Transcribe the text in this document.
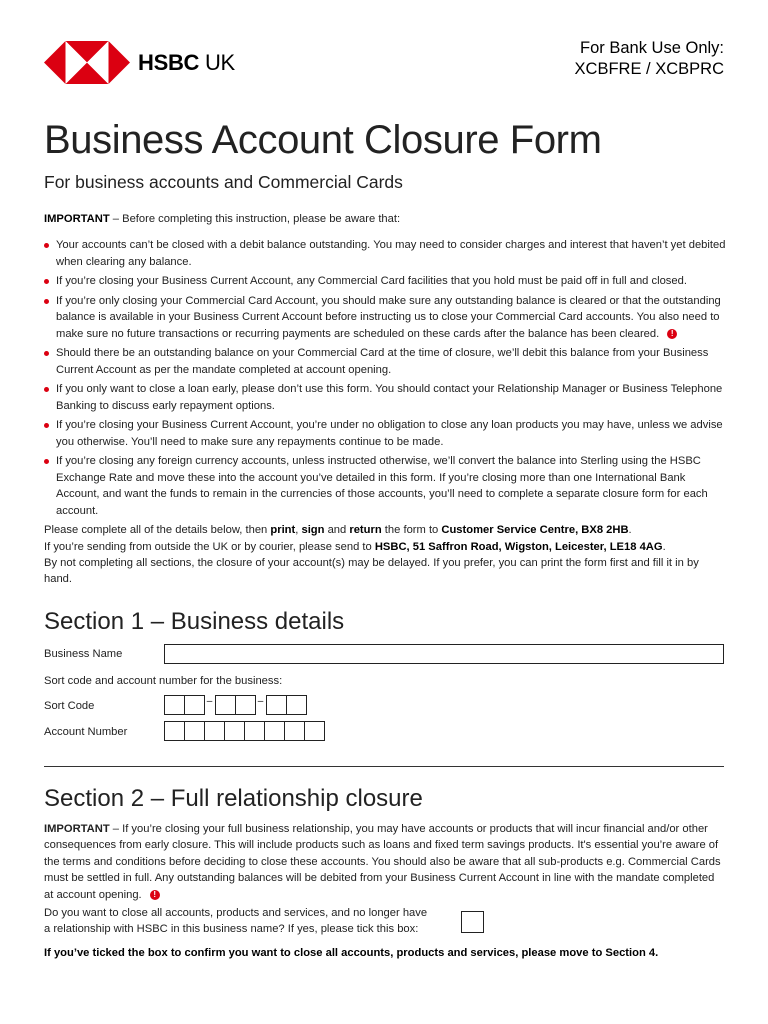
HSBC UK
For Bank Use Only:
XCBFRE / XCBPRC
Business Account Closure Form
For business accounts and Commercial Cards
IMPORTANT – Before completing this instruction, please be aware that:
Your accounts can’t be closed with a debit balance outstanding. You may need to consider charges and interest that haven’t yet debited when clearing any balance.
If you’re closing your Business Current Account, any Commercial Card facilities that you hold must be paid off in full and closed.
If you’re only closing your Commercial Card Account, you should make sure any outstanding balance is cleared or that the outstanding balance is available in your Business Current Account before instructing us to close your Commercial Card accounts. You also need to make sure no future transactions or recurring payments are scheduled on these cards after the balance has been cleared. !
Should there be an outstanding balance on your Commercial Card at the time of closure, we’ll debit this balance from your Business Current Account as per the mandate completed at account opening.
If you only want to close a loan early, please don’t use this form. You should contact your Relationship Manager or Business Telephone Banking to discuss early repayment options.
If you’re closing your Business Current Account, you’re under no obligation to close any loan products you may have, unless we advise you otherwise. You’ll need to make sure any repayments continue to be made.
If you’re closing any foreign currency accounts, unless instructed otherwise, we’ll convert the balance into Sterling using the HSBC Exchange Rate and move these into the account you’ve detailed in this form. If you’re closing more than one International Bank Account, and want the funds to remain in the currencies of those accounts, you’ll need to complete a separate closure form for each account.
Please complete all of the details below, then print, sign and return the form to Customer Service Centre, BX8 2HB.
If you’re sending from outside the UK or by courier, please send to HSBC, 51 Saffron Road, Wigston, Leicester, LE18 4AG.
By not completing all sections, the closure of your account(s) may be delayed. If you prefer, you can print the form first and fill it in by hand.
Section 1 – Business details
Business Name
Sort code and account number for the business:
Sort Code	–	–
Account Number
Section 2 – Full relationship closure
IMPORTANT – If you’re closing your full business relationship, you may have accounts or products that will incur financial and/or other consequences from early closure. This will include products such as loans and fixed term savings products. It's essential you’re aware of the terms and conditions before deciding to close these accounts. You should also be aware that all sub-products e.g. Commercial Cards must be settled in full. Any outstanding balances will be debited from your Business Current Account in line with the mandate completed at account opening. !
Do you want to close all accounts, products and services, and no longer have
a relationship with HSBC in this business name? If yes, please tick this box:
If you’ve ticked the box to confirm you want to close all accounts, products and services, please move to Section 4.
